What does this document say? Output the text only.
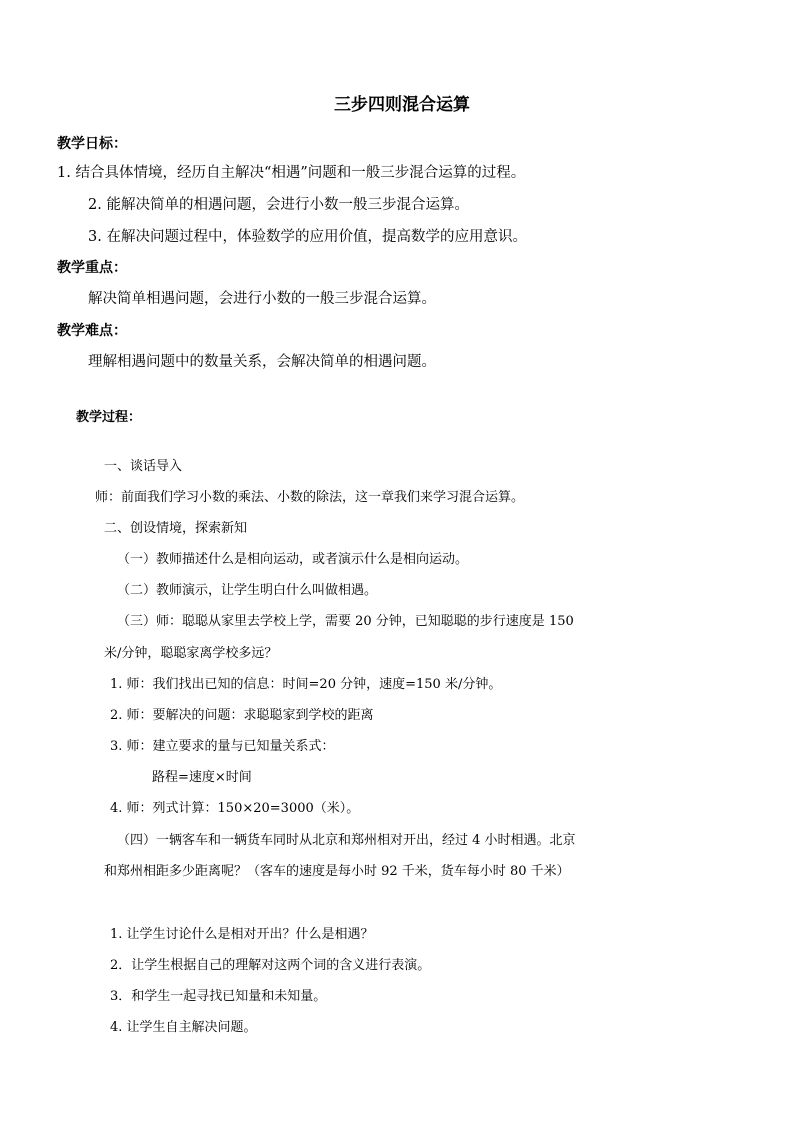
三步四则混合运算
教学日标：
1. 结合具体情境，经历自主解决“相遇”问题和一般三步混合运算的过程。
2. 能解决简单的相遇问题，会进行小数一般三步混合运算。
3. 在解决问题过程中，体验数学的应用价值，提高数学的应用意识。
教学重点：
解决简单相遇问题，会进行小数的一般三步混合运算。
教学难点：
理解相遇问题中的数量关系，会解决简单的相遇问题。
教学过程：
一、谈话导入
师：前面我们学习小数的乘法、小数的除法，这一章我们来学习混合运算。
二、创设情境，探索新知
（一）教师描述什么是相向运动，或者演示什么是相向运动。
（二）教师演示，让学生明白什么叫做相遇。
（三）师：聪聪从家里去学校上学，需要 20 分钟，已知聪聪的步行速度是 150
米/分钟，聪聪家离学校多远？
1. 师：我们找出已知的信息：时间=20 分钟，速度=150 米/分钟。
2. 师：要解决的问题：求聪聪家到学校的距离
3. 师：建立要求的量与已知量关系式：
路程=速度×时间
4. 师：列式计算：150×20=3000（米）。
（四）一辆客车和一辆货车同时从北京和郑州相对开出，经过 4 小时相遇。北京
和郑州相距多少距离呢？（客车的速度是每小时 92 千米，货车每小时 80 千米）
1. 让学生讨论什么是相对开出？什么是相遇？
2．让学生根据自己的理解对这两个词的含义进行表演。
3．和学生一起寻找已知量和未知量。
4. 让学生自主解决问题。
